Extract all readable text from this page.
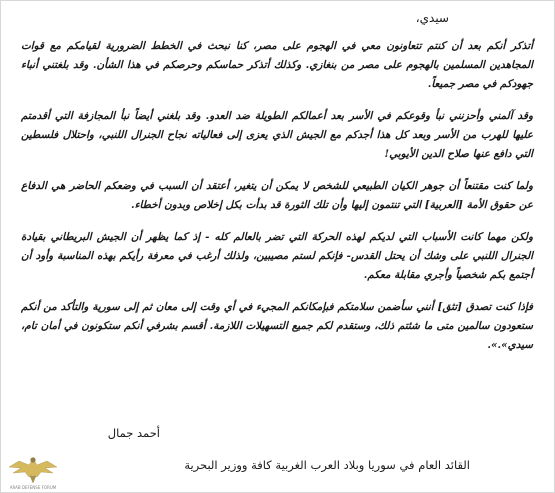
سيدي،

أتذكر أنكم بعد أن كنتم تتعاونون معي في الهجوم على مصر، كنا نبحث في الخطط الضرورية لقيامكم مع قوات المجاهدين المسلمين بالهجوم على مصر من بنغازي. وكذلك أتذكر حماسكم وحرصكم في هذا الشأن. وقد بلغتني أنباء جهودكم في مصر جميعاً.

وقد آلمني وأحزنني نبأ وقوعكم في الأسر بعد أعمالكم الطويلة ضد العدو. وقد بلغني أيضاً نبأ المجازفة التي أقدمتم عليها للهرب من الأسر وبعد كل هذا أجدكم مع الجيش الذي يعزى إلى فعالياته نجاح الجنرال اللنبي، واحتلال فلسطين التي دافع عنها صلاح الدين الأيوبي!

ولما كنت مقتنعاً أن جوهر الكيان الطبيعي للشخص لا يمكن أن يتغير، أعتقد أن السبب في وضعكم الحاضر هي الدفاع عن حقوق الأمة [العربية] التي تنتمون إليها وأن تلك الثورة قد بدأت بكل إخلاص وبدون أخطاء.

ولكن مهما كانت الأسباب التي لديكم لهذه الحركة التي تضر بالعالم كله - إذ كما يظهر أن الجيش البريطاني بقيادة الجنرال اللنبي على وشك أن يحتل القدس- فإنكم لستم مصيبين، ولذلك أرغب في معرفة رأيكم بهذه المناسبة وأود أن أجتمع بكم شخصياً وأجري مقابلة معكم.

فإذا كنت تصدق [تثق] أنني سأضمن سلامتكم فبإمكانكم المجيء في أي وقت إلى معان ثم إلى سورية والتأكد من أنكم ستعودون سالمين متى ما شئتم ذلك، وستقدم لكم جميع التسهيلات اللازمة. أقسم بشرفي أنكم ستكونون في أمان تام، سيدي».».

أحمد جمال
القائد العام في سوريا وبلاد العرب الغربية كافة ووزير البحرية
ARAB DEFENSE FORUM
